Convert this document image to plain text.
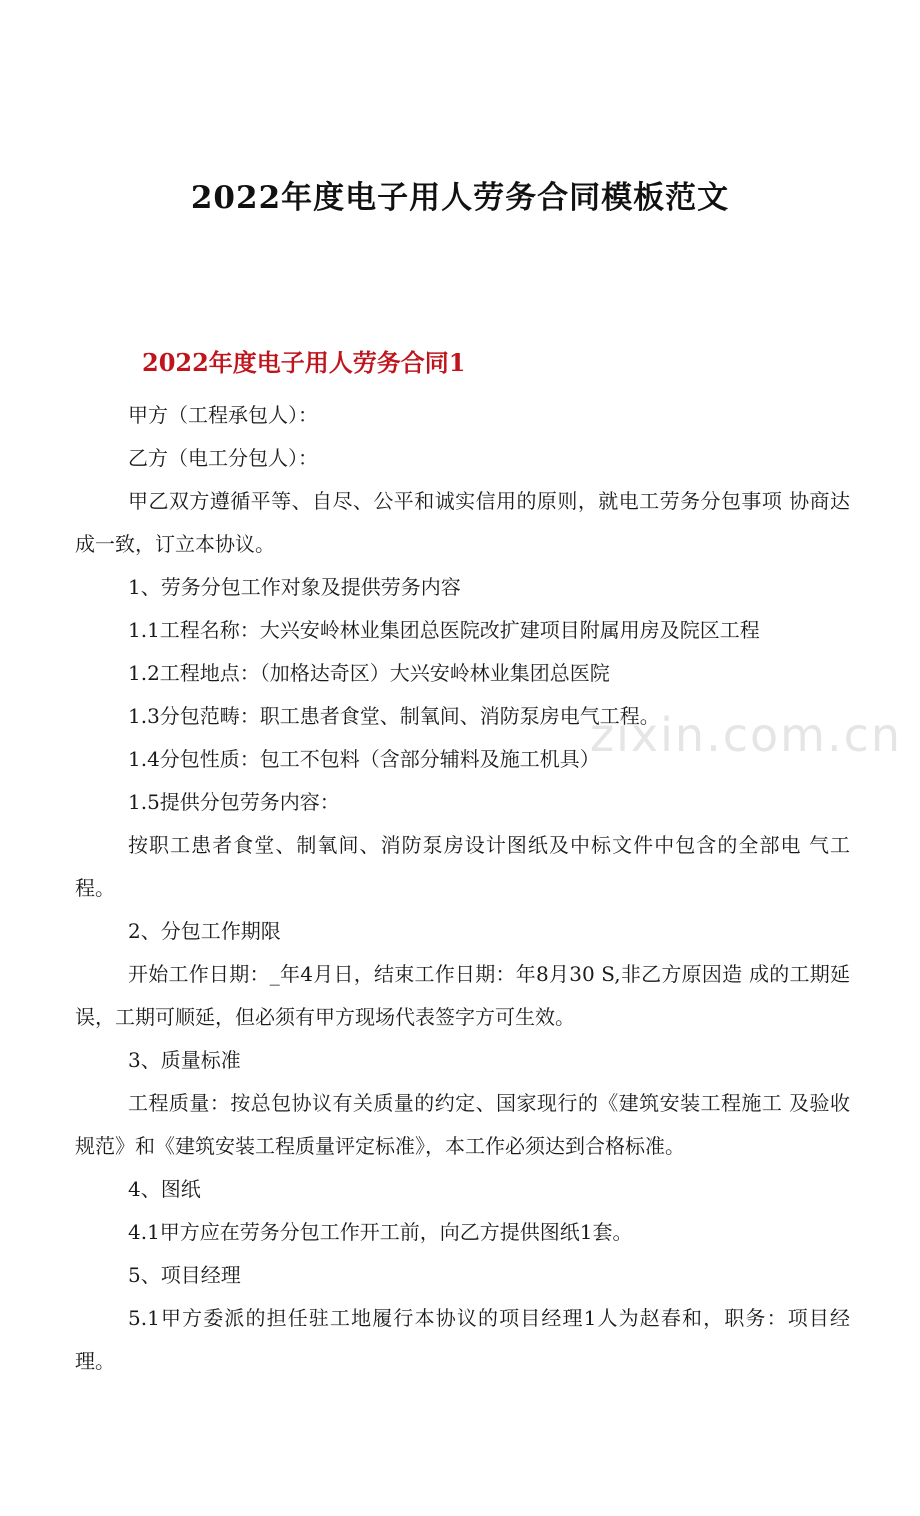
2022年度电子用人劳务合同模板范文
2022年度电子用人劳务合同1

甲方（工程承包人）：

乙方（电工分包人）：

甲乙双方遵循平等、自尽、公平和诚实信用的原则，就电工劳务分包事项 协商达成一致，订立本协议。

1、劳务分包工作对象及提供劳务内容

1.1工程名称：大兴安岭林业集团总医院改扩建项目附属用房及院区工程

1.2工程地点：（加格达奇区）大兴安岭林业集团总医院

1.3分包范畴：职工患者食堂、制氧间、消防泵房电气工程。

1.4分包性质：包工不包料（含部分辅料及施工机具）

1.5提供分包劳务内容：

按职工患者食堂、制氧间、消防泵房设计图纸及中标文件中包含的全部电 气工程。

2、分包工作期限

开始工作日期：_年4月日，结束工作日期：年8月30 S,非乙方原因造 成的工期延误，工期可顺延，但必须有甲方现场代表签字方可生效。

3、质量标准

工程质量：按总包协议有关质量的约定、国家现行的《建筑安装工程施工 及验收规范》和《建筑安装工程质量评定标准》，本工作必须达到合格标准。

4、图纸

4.1甲方应在劳务分包工作开工前，向乙方提供图纸1套。

5、项目经理

5.1甲方委派的担任驻工地履行本协议的项目经理1人为赵春和，职务：项目经理。

zixin.com.cn
